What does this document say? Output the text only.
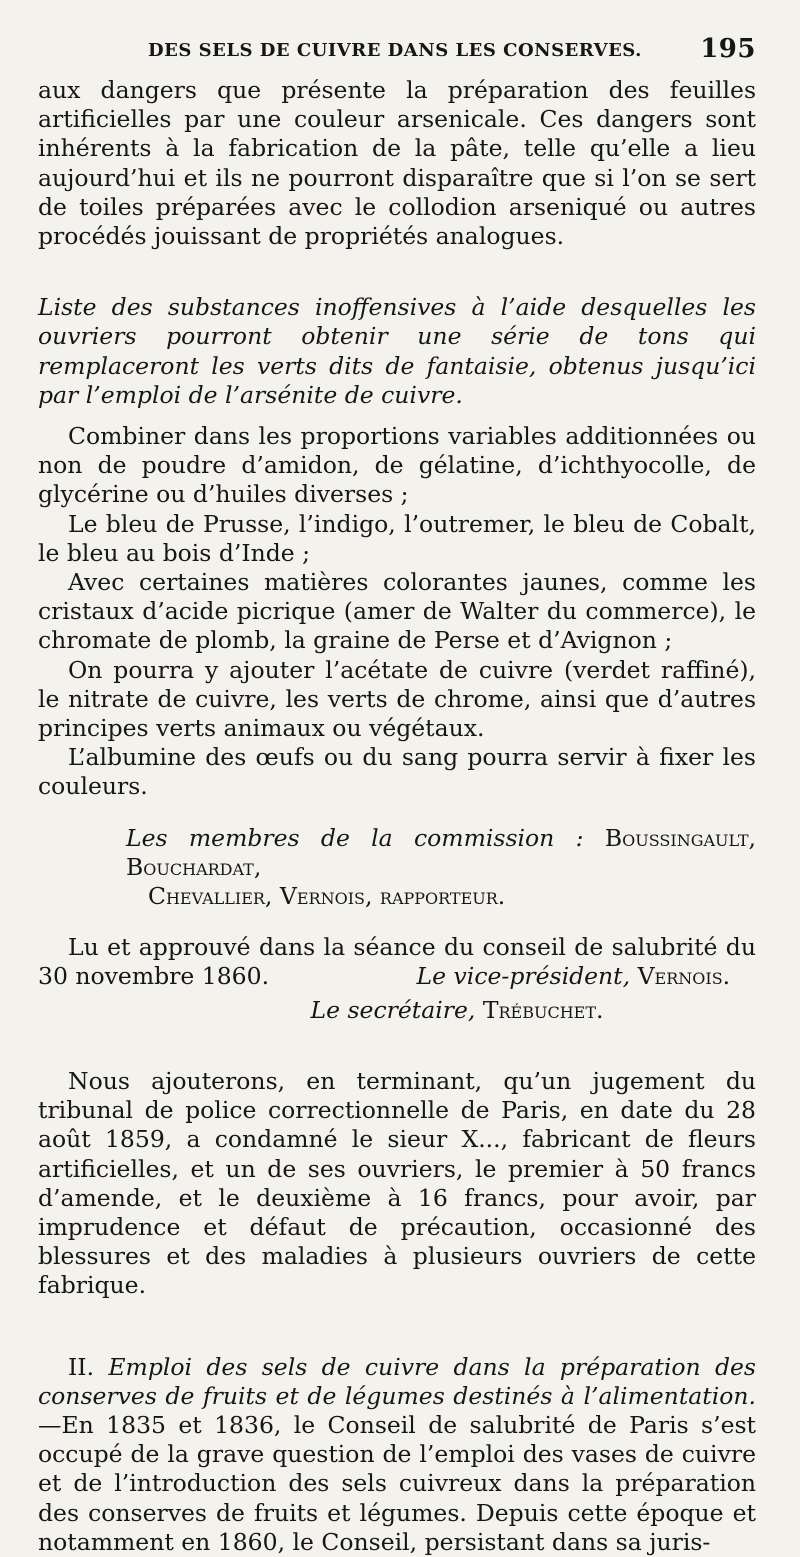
DES SELS DE CUIVRE DANS LES CONSERVES. 195

aux dangers que présente la préparation des feuilles artificielles par une couleur arsenicale. Ces dangers sont inhérents à la fabrication de la pâte, telle qu’elle a lieu aujourd’hui et ils ne pourront disparaître que si l’on se sert de toiles préparées avec le collodion arseniqué ou autres procédés jouissant de propriétés analogues.

Liste des substances inoffensives à l’aide desquelles les ouvriers pourront obtenir une série de tons qui remplaceront les verts dits de fantaisie, obtenus jusqu’ici par l’emploi de l’arsénite de cuivre.

Combiner dans les proportions variables additionnées ou non de poudre d’amidon, de gélatine, d’ichthyocolle, de glycérine ou d’huiles diverses ;

Le bleu de Prusse, l’indigo, l’outremer, le bleu de Cobalt, le bleu au bois d’Inde ;

Avec certaines matières colorantes jaunes, comme les cristaux d’acide picrique (amer de Walter du commerce), le chromate de plomb, la graine de Perse et d’Avignon ;

On pourra y ajouter l’acétate de cuivre (verdet raffiné), le nitrate de cuivre, les verts de chrome, ainsi que d’autres principes verts animaux ou végétaux.

L’albumine des œufs ou du sang pourra servir à fixer les couleurs.

Les membres de la commission : Boussingault, Bouchardat,
Chevallier, Vernois, rapporteur.

Lu et approuvé dans la séance du conseil de salubrité du 30 novembre 1860.	Le vice-président, Vernois.

Le secrétaire, Trébuchet.

Nous ajouterons, en terminant, qu’un jugement du tribunal de police correctionnelle de Paris, en date du 28 août 1859, a condamné le sieur X..., fabricant de fleurs artificielles, et un de ses ouvriers, le premier à 50 francs d’amende, et le deuxième à 16 francs, pour avoir, par imprudence et défaut de précaution, occasionné des blessures et des maladies à plusieurs ouvriers de cette fabrique.

II. Emploi des sels de cuivre dans la préparation des conserves de fruits et de légumes destinés à l’alimentation.—En 1835 et 1836, le Conseil de salubrité de Paris s’est occupé de la grave question de l’emploi des vases de cuivre et de l’introduction des sels cuivreux dans la préparation des conserves de fruits et légumes. Depuis cette époque et notamment en 1860, le Conseil, persistant dans sa juris-
